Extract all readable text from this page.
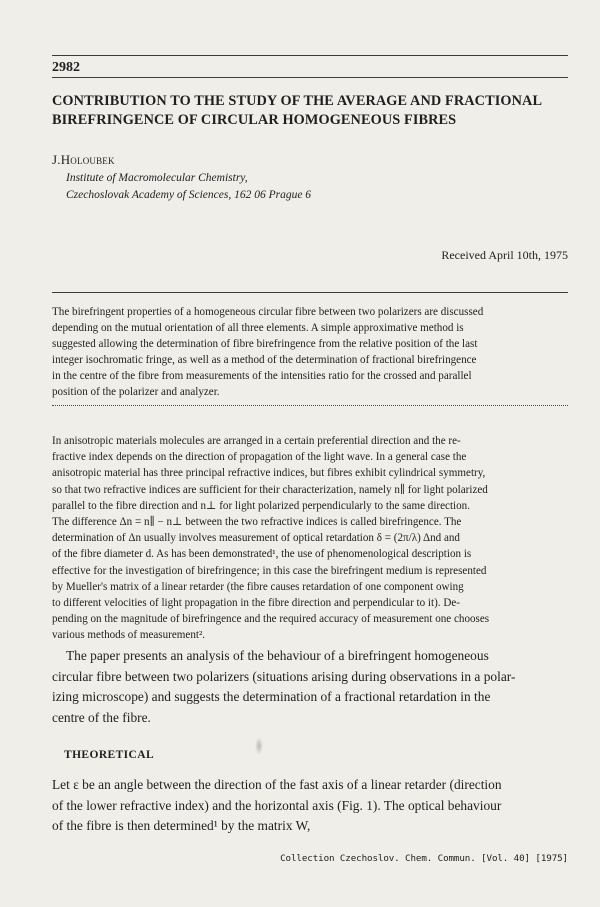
2982
CONTRIBUTION TO THE STUDY OF THE AVERAGE AND FRACTIONAL
BIREFRINGENCE OF CIRCULAR HOMOGENEOUS FIBRES
J.Holoubek
Institute of Macromolecular Chemistry,
Czechoslovak Academy of Sciences, 162 06 Prague 6
Received April 10th, 1975
The birefringent properties of a homogeneous circular fibre between two polarizers are discussed
depending on the mutual orientation of all three elements. A simple approximative method is
suggested allowing the determination of fibre birefringence from the relative position of the last
integer isochromatic fringe, as well as a method of the determination of fractional birefringence
in the centre of the fibre from measurements of the intensities ratio for the crossed and parallel
position of the polarizer and analyzer.
In anisotropic materials molecules are arranged in a certain preferential direction and the re-
fractive index depends on the direction of propagation of the light wave. In a general case the
anisotropic material has three principal refractive indices, but fibres exhibit cylindrical symmetry,
so that two refractive indices are sufficient for their characterization, namely n∥ for light polarized
parallel to the fibre direction and n⊥ for light polarized perpendicularly to the same direction.
The difference Δn = n∥ − n⊥ between the two refractive indices is called birefringence. The
determination of Δn usually involves measurement of optical retardation δ = (2π/λ) Δnd and
of the fibre diameter d. As has been demonstrated¹, the use of phenomenological description is
effective for the investigation of birefringence; in this case the birefringent medium is represented
by Mueller's matrix of a linear retarder (the fibre causes retardation of one component owing
to different velocities of light propagation in the fibre direction and perpendicular to it). De-
pending on the magnitude of birefringence and the required accuracy of measurement one chooses
various methods of measurement².
The paper presents an analysis of the behaviour of a birefringent homogeneous
circular fibre between two polarizers (situations arising during observations in a polar-
izing microscope) and suggests the determination of a fractional retardation in the
centre of the fibre.
THEORETICAL
Let ε be an angle between the direction of the fast axis of a linear retarder (direction
of the lower refractive index) and the horizontal axis (Fig. 1). The optical behaviour
of the fibre is then determined¹ by the matrix W,
Collection Czechoslov. Chem. Commun. [Vol. 40] [1975]
